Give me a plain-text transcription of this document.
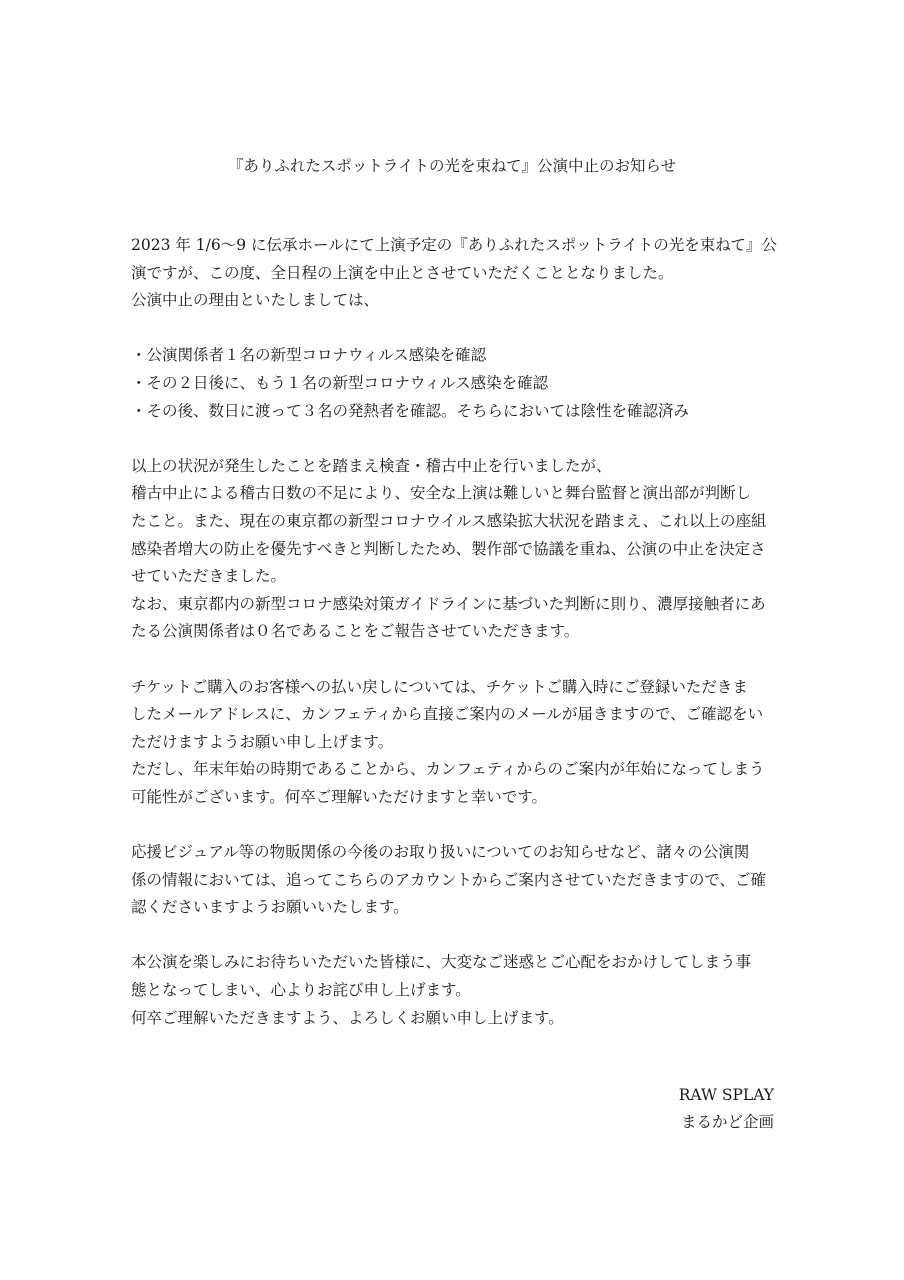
『ありふれたスポットライトの光を束ねて』公演中止のお知らせ
2023 年 1/6〜9 に伝承ホールにて上演予定の『ありふれたスポットライトの光を束ねて』公
演ですが、この度、全日程の上演を中止とさせていただくこととなりました。
公演中止の理由といたしましては、
・公演関係者１名の新型コロナウィルス感染を確認
・その２日後に、もう１名の新型コロナウィルス感染を確認
・その後、数日に渡って３名の発熱者を確認。そちらにおいては陰性を確認済み
以上の状況が発生したことを踏まえ検査・稽古中止を行いましたが、
稽古中止による稽古日数の不足により、安全な上演は難しいと舞台監督と演出部が判断し
たこと。また、現在の東京都の新型コロナウイルス感染拡大状況を踏まえ、これ以上の座組
感染者増大の防止を優先すべきと判断したため、製作部で協議を重ね、公演の中止を決定さ
せていただきました。
なお、東京都内の新型コロナ感染対策ガイドラインに基づいた判断に則り、濃厚接触者にあ
たる公演関係者は０名であることをご報告させていただきます。
チケットご購入のお客様への払い戻しについては、チケットご購入時にご登録いただきま
したメールアドレスに、カンフェティから直接ご案内のメールが届きますので、ご確認をい
ただけますようお願い申し上げます。
ただし、年末年始の時期であることから、カンフェティからのご案内が年始になってしまう
可能性がございます。何卒ご理解いただけますと幸いです。
応援ビジュアル等の物販関係の今後のお取り扱いについてのお知らせなど、諸々の公演関
係の情報においては、追ってこちらのアカウントからご案内させていただきますので、ご確
認くださいますようお願いいたします。
本公演を楽しみにお待ちいただいた皆様に、大変なご迷惑とご心配をおかけしてしまう事
態となってしまい、心よりお詫び申し上げます。
何卒ご理解いただきますよう、よろしくお願い申し上げます。
RAW SPLAY
まるかど企画
